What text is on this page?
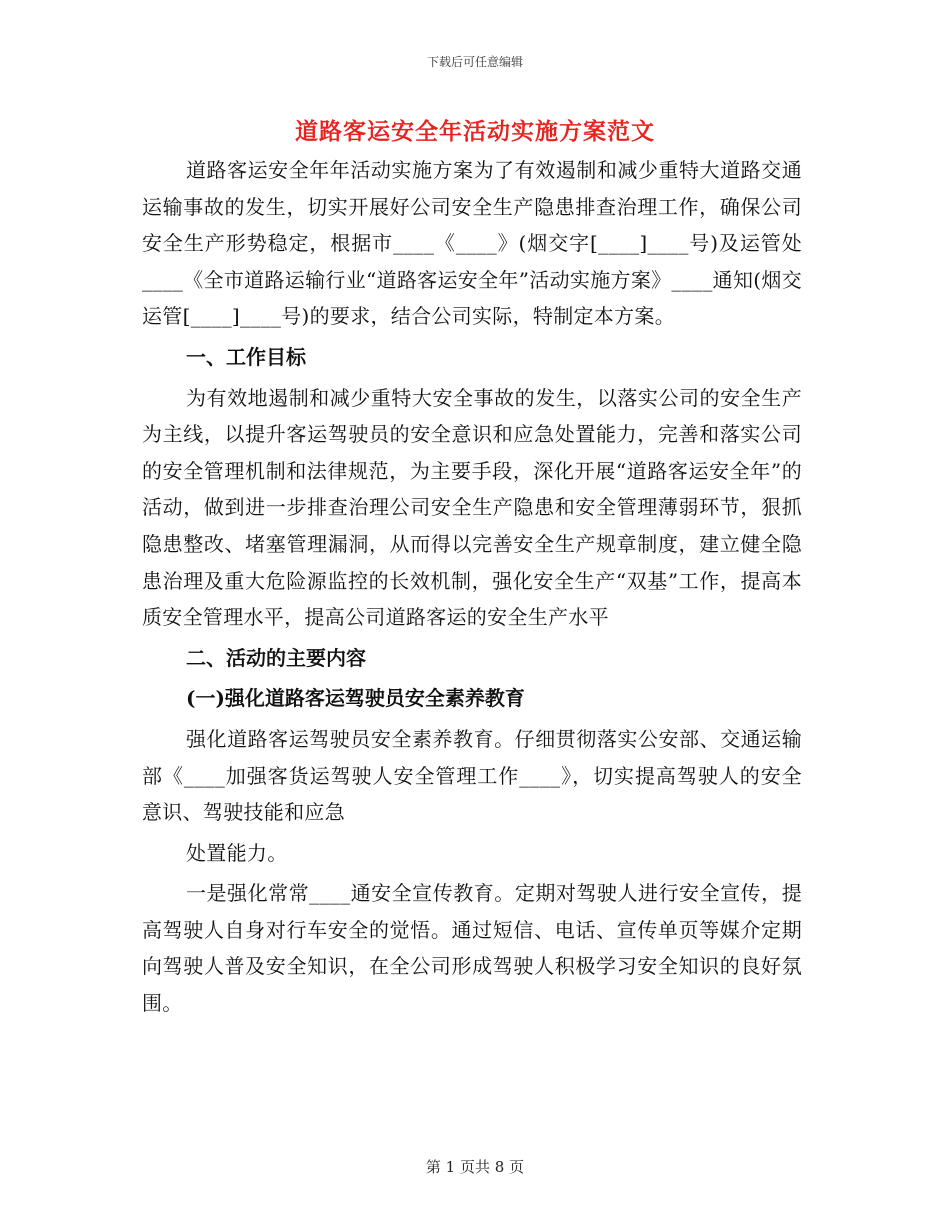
下载后可任意编辑
道路客运安全年活动实施方案范文

道路客运安全年年活动实施方案为了有效遏制和减少重特大道路交通运输事故的发生，切实开展好公司安全生产隐患排查治理工作，确保公司安全生产形势稳定，根据市____《____》(烟交字[____]____号)及运管处____《全市道路运输行业“道路客运安全年”活动实施方案》____通知(烟交运管[____]____号)的要求，结合公司实际，特制定本方案。

一、工作目标

为有效地遏制和减少重特大安全事故的发生，以落实公司的安全生产为主线，以提升客运驾驶员的安全意识和应急处置能力，完善和落实公司的安全管理机制和法律规范，为主要手段，深化开展“道路客运安全年”的活动，做到进一步排查治理公司安全生产隐患和安全管理薄弱环节，狠抓隐患整改、堵塞管理漏洞，从而得以完善安全生产规章制度，建立健全隐患治理及重大危险源监控的长效机制，强化安全生产“双基”工作，提高本质安全管理水平，提高公司道路客运的安全生产水平

二、活动的主要内容

(一)强化道路客运驾驶员安全素养教育

强化道路客运驾驶员安全素养教育。仔细贯彻落实公安部、交通运输部《____加强客货运驾驶人安全管理工作____》，切实提高驾驶人的安全意识、驾驶技能和应急

处置能力。

一是强化常常____通安全宣传教育。定期对驾驶人进行安全宣传，提高驾驶人自身对行车安全的觉悟。通过短信、电话、宣传单页等媒介定期向驾驶人普及安全知识，在全公司形成驾驶人积极学习安全知识的良好氛围。

第 1 页共 8 页
